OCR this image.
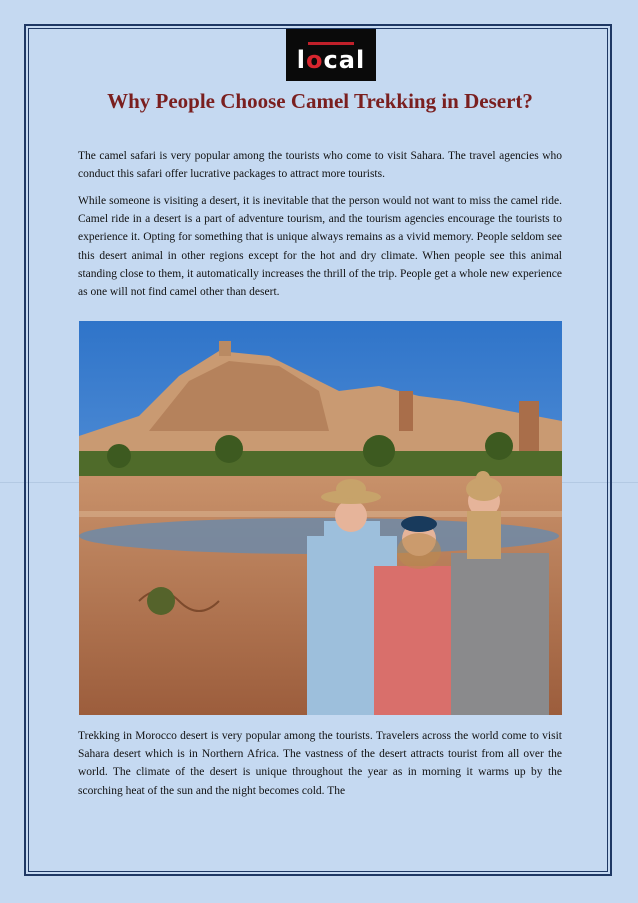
local
Why People Choose Camel Trekking in Desert?

The camel safari is very popular among the tourists who come to visit Sahara. The travel agencies who conduct this safari offer lucrative packages to attract more tourists.

While someone is visiting a desert, it is inevitable that the person would not want to miss the camel ride. Camel ride in a desert is a part of adventure tourism, and the tourism agencies encourage the tourists to experience it. Opting for something that is unique always remains as a vivid memory. People seldom see this desert animal in other regions except for the hot and dry climate. When people see this animal standing close to them, it automatically increases the thrill of the trip. People get a whole new experience as one will not find camel other than desert.

Trekking in Morocco desert is very popular among the tourists. Travelers across the world come to visit Sahara desert which is in Northern Africa. The vastness of the desert attracts tourist from all over the world. The climate of the desert is unique throughout the year as in morning it warms up by the scorching heat of the sun and the night becomes cold. The
